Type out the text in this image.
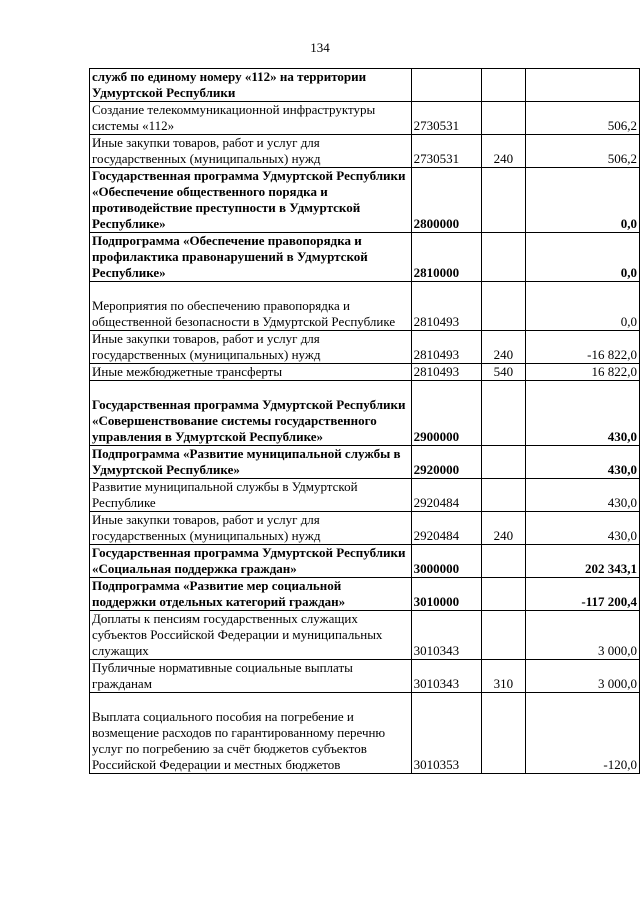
134
служб по единому номеру «112» на территории Удмуртской Республики			
Создание телекоммуникационной инфраструктуры системы «112»	2730531		506,2
Иные закупки товаров, работ и услуг для государственных (муниципальных) нужд	2730531	240	506,2
Государственная программа Удмуртской Республики «Обеспечение общественного порядка и противодействие преступности в Удмуртской Республике»	2800000		0,0
Подпрограмма «Обеспечение правопорядка и профилактика правонарушений в Удмуртской Республике»	2810000		0,0
Мероприятия по обеспечению правопорядка и общественной безопасности в Удмуртской Республике	2810493		0,0
Иные закупки товаров, работ и услуг для государственных (муниципальных) нужд	2810493	240	-16 822,0
Иные межбюджетные трансферты	2810493	540	16 822,0
Государственная программа Удмуртской Республики «Совершенствование системы государственного управления в Удмуртской Республике»	2900000		430,0
Подпрограмма «Развитие муниципальной службы в Удмуртской Республике»	2920000		430,0
Развитие муниципальной службы в Удмуртской Республике	2920484		430,0
Иные закупки товаров, работ и услуг для государственных (муниципальных) нужд	2920484	240	430,0
Государственная программа Удмуртской Республики «Социальная поддержка граждан»	3000000		202 343,1
Подпрограмма «Развитие мер социальной поддержки отдельных категорий граждан»	3010000		-117 200,4
Доплаты к пенсиям государственных служащих субъектов Российской Федерации и муниципальных служащих	3010343		3 000,0
Публичные нормативные социальные выплаты гражданам	3010343	310	3 000,0
Выплата социального пособия на погребение и возмещение расходов по гарантированному перечню услуг по погребению за счёт бюджетов субъектов Российской Федерации и местных бюджетов	3010353		-120,0
